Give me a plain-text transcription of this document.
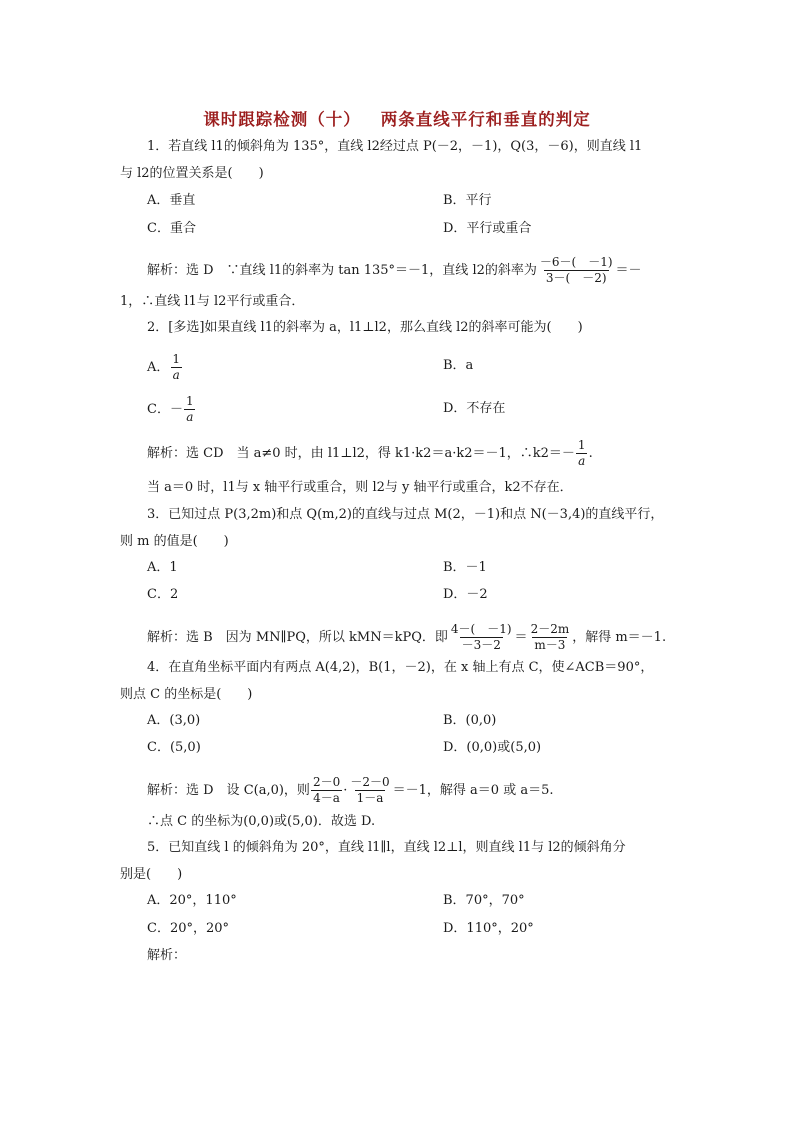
课时跟踪检测（十） 两条直线平行和垂直的判定
1．若直线 l1的倾斜角为 135°，直线 l2经过点 P(－2，－1)，Q(3，－6)，则直线 l1
与 l2的位置关系是(　　)
A．垂直	B．平行
C．重合	D．平行或重合
解析：选 D　∵直线 l1的斜率为 tan 135°＝－1，直线 l2的斜率为 $\frac{-6-( -1)}{3-( -2)}$ ＝－
1，∴直线 l1与 l2平行或重合．
2．[多选]如果直线 l1的斜率为 a，l1⊥l2，那么直线 l2的斜率可能为(　　)
A． $\frac{1}{a}$	B．a
C．－ $\frac{1}{a}$	D．不存在
解析：选 CD　当 a≠0 时，由 l1⊥l2，得 k1·k2＝a·k2＝－1，∴k2＝－ $\frac{1}{a}$ .
当 a＝0 时，l1与 x 轴平行或重合，则 l2与 y 轴平行或重合，k2不存在．
3．已知过点 P(3,2m)和点 Q(m,2)的直线与过点 M(2，－1)和点 N(－3,4)的直线平行，
则 m 的值是(　　)
A．1	B．－1
C．2	D．－2
解析：选 B　因为 MN∥PQ，所以 kMN＝kPQ．即 $\frac{4-( -1)}{-3-2} = \frac{2-2m}{m-3}$ ，解得 m＝－1.
4．在直角坐标平面内有两点 A(4,2)，B(1，－2)，在 x 轴上有点 C，使∠ACB＝90°，
则点 C 的坐标是(　　)
A．(3,0)	B．(0,0)
C．(5,0)	D．(0,0)或(5,0)
解析：选 D　设 C(a,0)，则 $\frac{2-0}{4-a} \cdot \frac{-2-0}{1-a} =-1$，解得 a＝0 或 a＝5.
∴点 C 的坐标为(0,0)或(5,0)．故选 D.
5．已知直线 l 的倾斜角为 20°，直线 l1∥l，直线 l2⊥l，则直线 l1与 l2的倾斜角分
别是(　　)
A．20°，110°	B．70°，70°
C．20°，20°	D．110°，20°
解析：
